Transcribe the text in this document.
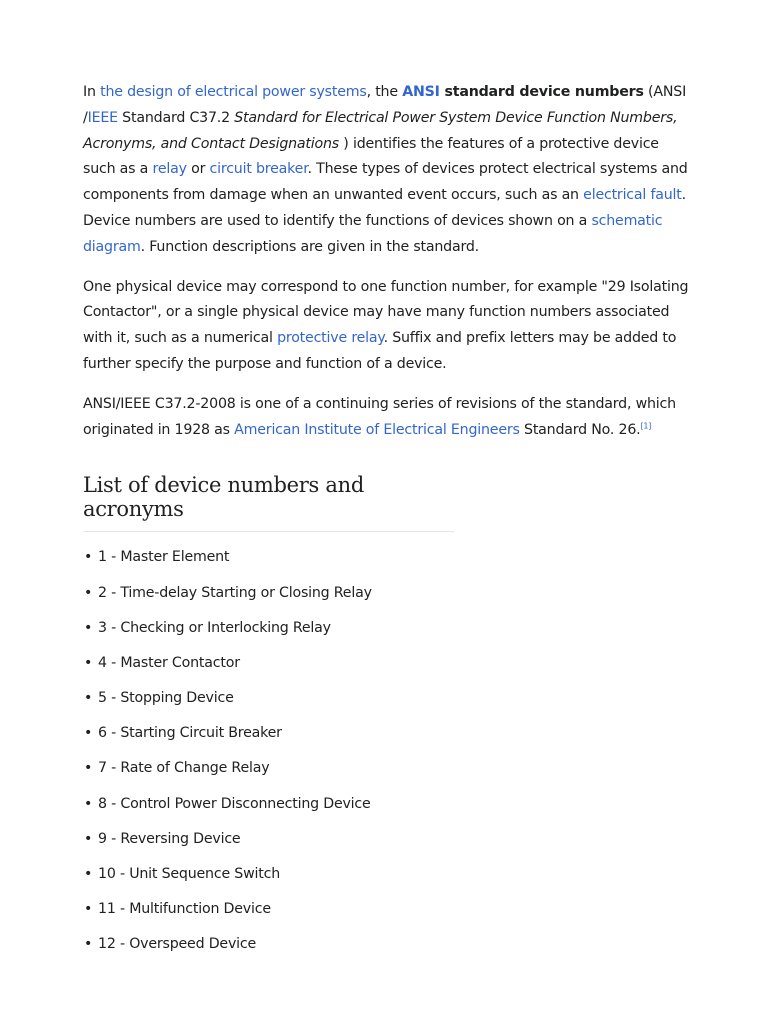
In the design of electrical power systems, the ANSI standard device numbers (ANSI /IEEE Standard C37.2 Standard for Electrical Power System Device Function Numbers, Acronyms, and Contact Designations ) identifies the features of a protective device such as a relay or circuit breaker. These types of devices protect electrical systems and components from damage when an unwanted event occurs, such as an electrical fault. Device numbers are used to identify the functions of devices shown on a schematic diagram. Function descriptions are given in the standard.

One physical device may correspond to one function number, for example "29 Isolating Contactor", or a single physical device may have many function numbers associated with it, such as a numerical protective relay. Suffix and prefix letters may be added to further specify the purpose and function of a device.

ANSI/IEEE C37.2-2008 is one of a continuing series of revisions of the standard, which originated in 1928 as American Institute of Electrical Engineers Standard No. 26.[1]

List of device numbers and acronyms
• 1 - Master Element
• 2 - Time-delay Starting or Closing Relay
• 3 - Checking or Interlocking Relay
• 4 - Master Contactor
• 5 - Stopping Device
• 6 - Starting Circuit Breaker
• 7 - Rate of Change Relay
• 8 - Control Power Disconnecting Device
• 9 - Reversing Device
• 10 - Unit Sequence Switch
• 11 - Multifunction Device
• 12 - Overspeed Device
